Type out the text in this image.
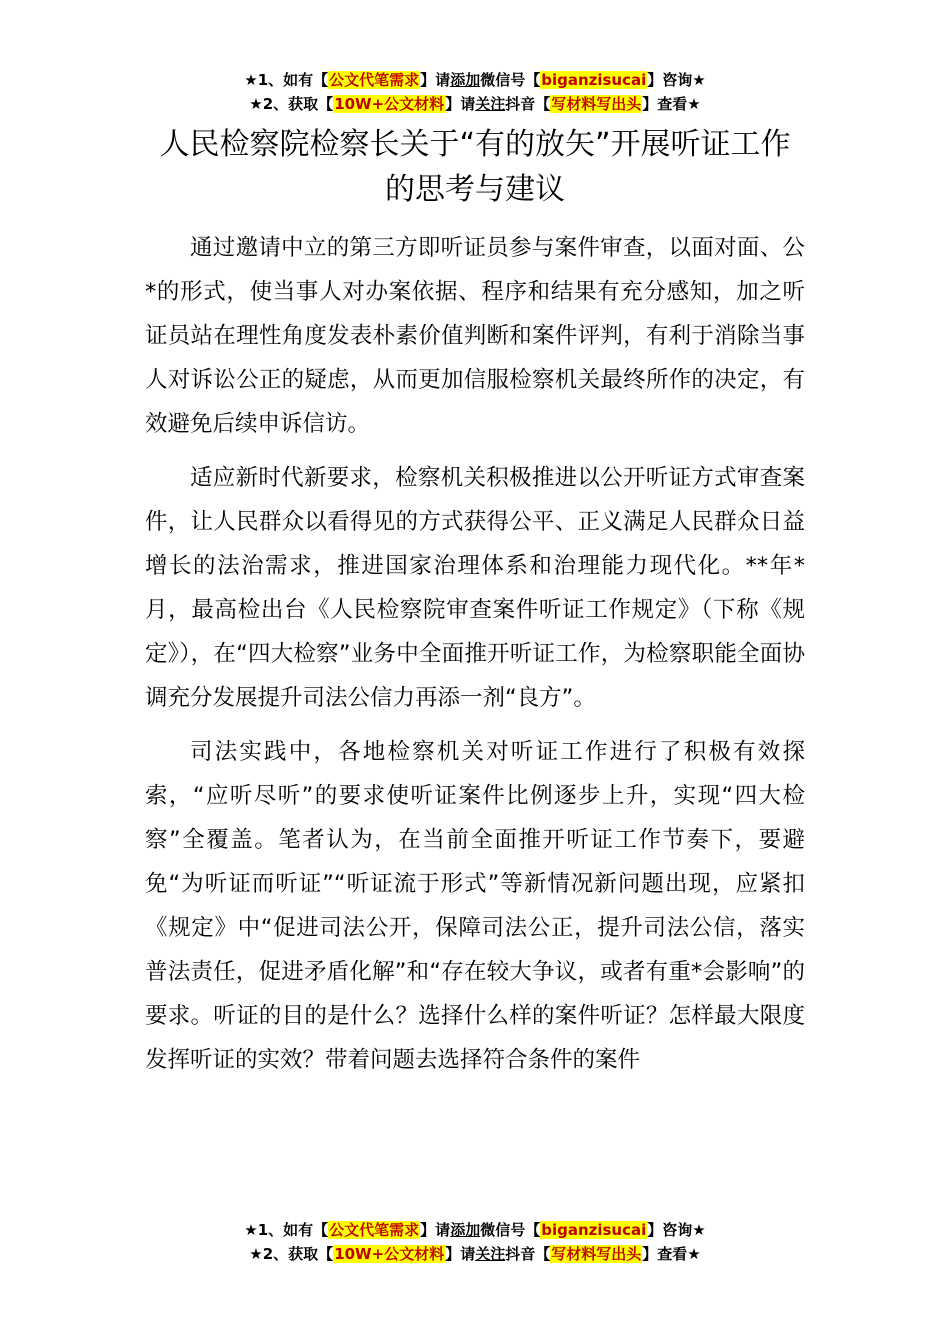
★1、如有【公文代笔需求】请添加微信号【biganzisucai】咨询★
★2、获取【10W+公文材料】请关注抖音【写材料写出头】查看★
人民检察院检察长关于“有的放矢”开展听证工作的思考与建议

通过邀请中立的第三方即听证员参与案件审查，以面对面、公*的形式，使当事人对办案依据、程序和结果有充分感知，加之听证员站在理性角度发表朴素价值判断和案件评判，有利于消除当事人对诉讼公正的疑虑，从而更加信服检察机关最终所作的决定，有效避免后续申诉信访。

适应新时代新要求，检察机关积极推进以公开听证方式审查案件，让人民群众以看得见的方式获得公平、正义满足人民群众日益增长的法治需求，推进国家治理体系和治理能力现代化。**年*月，最高检出台《人民检察院审查案件听证工作规定》（下称《规定》），在“四大检察”业务中全面推开听证工作，为检察职能全面协调充分发展提升司法公信力再添一剂“良方”。

司法实践中，各地检察机关对听证工作进行了积极有效探索，“应听尽听”的要求使听证案件比例逐步上升，实现“四大检察”全覆盖。笔者认为，在当前全面推开听证工作节奏下，要避免“为听证而听证”“听证流于形式”等新情况新问题出现，应紧扣《规定》中“促进司法公开，保障司法公正，提升司法公信，落实普法责任，促进矛盾化解”和“存在较大争议，或者有重*会影响”的要求。听证的目的是什么？选择什么样的案件听证？怎样最大限度发挥听证的实效？带着问题去选择符合条件的案件

★1、如有【公文代笔需求】请添加微信号【biganzisucai】咨询★
★2、获取【10W+公文材料】请关注抖音【写材料写出头】查看★
